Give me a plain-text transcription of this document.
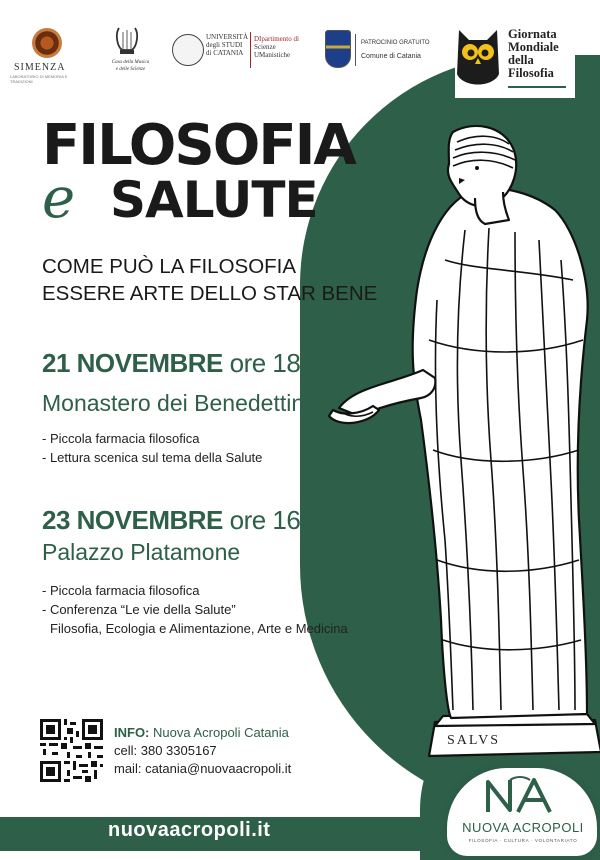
SIMENZA
LABORATORIO DI MEMORIA E TRADIZIONI
Casa della Musica
e delle Scienze
UNIVERSITÀ
degli STUDI
di CATANIA
DIpartimento di
Scienze
UManistiche
PATROCINIO GRATUITO
Comune di Catania
Giornata
Mondiale
della
Filosofia
SALVS
FILOSOFIA
e SALUTE
COME PUÒ LA FILOSOFIA
ESSERE ARTE DELLO STAR BENE
21 NOVEMBRE ore 18:00
Monastero dei Benedettini
- Piccola farmacia filosofica
- Lettura scenica sul tema della Salute
23 NOVEMBRE ore 16:30
Palazzo Platamone
- Piccola farmacia filosofica
- Conferenza “Le vie della Salute”
Filosofia, Ecologia e Alimentazione, Arte e Medicina
INFO: Nuova Acropoli Catania
cell: 380 3305167
mail: catania@nuovaacropoli.it
nuovaacropoli.it	NUOVA ACROPOLI
FILOSOFIA · CULTURA · VOLONTARIATO
